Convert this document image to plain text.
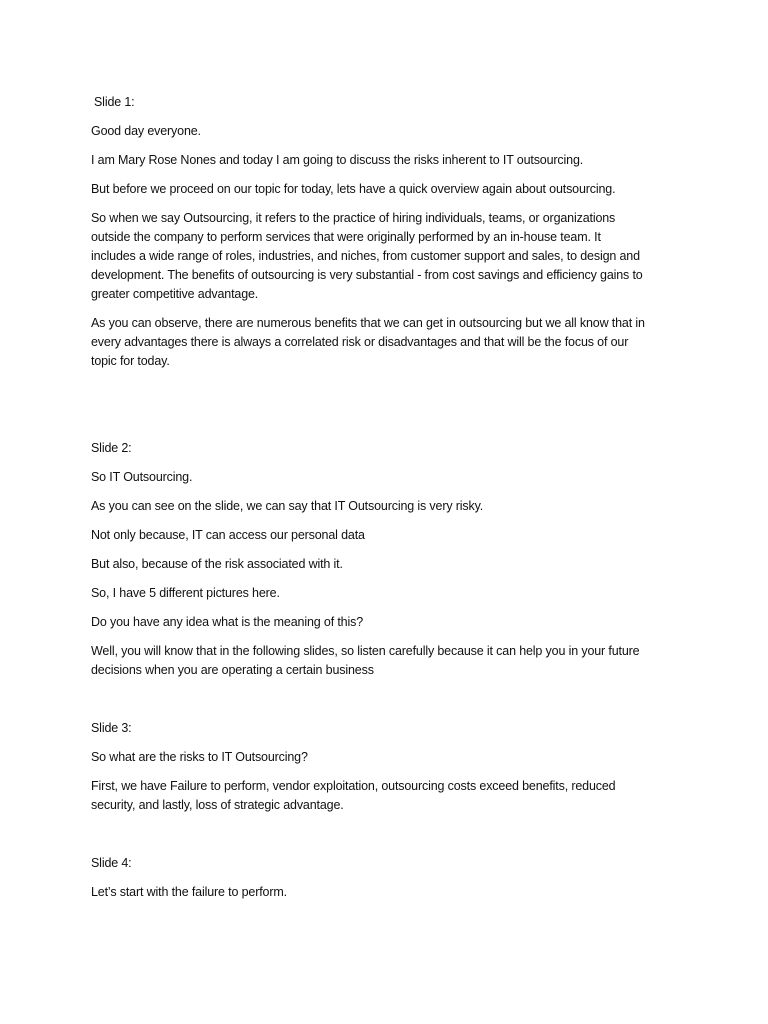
Slide 1:

Good day everyone.

I am Mary Rose Nones and today I am going to discuss the risks inherent to IT outsourcing.

But before we proceed on our topic for today, lets have a quick overview again about outsourcing.

So when we say Outsourcing, it refers to the practice of hiring individuals, teams, or organizations

outside the company to perform services that were originally performed by an in-house team. It

includes a wide range of roles, industries, and niches, from customer support and sales, to design and

development. The benefits of outsourcing is very substantial - from cost savings and efficiency gains to

greater competitive advantage.

As you can observe, there are numerous benefits that we can get in outsourcing but we all know that in

every advantages there is always a correlated risk or disadvantages and that will be the focus of our

topic for today.

Slide 2:

So IT Outsourcing.

As you can see on the slide, we can say that IT Outsourcing is very risky.

Not only because, IT can access our personal data

But also, because of the risk associated with it.

So, I have 5 different pictures here.

Do you have any idea what is the meaning of this?

Well, you will know that in the following slides, so listen carefully because it can help you in your future

decisions when you are operating a certain business

Slide 3:

So what are the risks to IT Outsourcing?

First, we have Failure to perform, vendor exploitation, outsourcing costs exceed benefits, reduced

security, and lastly, loss of strategic advantage.

Slide 4:

Let’s start with the failure to perform.
